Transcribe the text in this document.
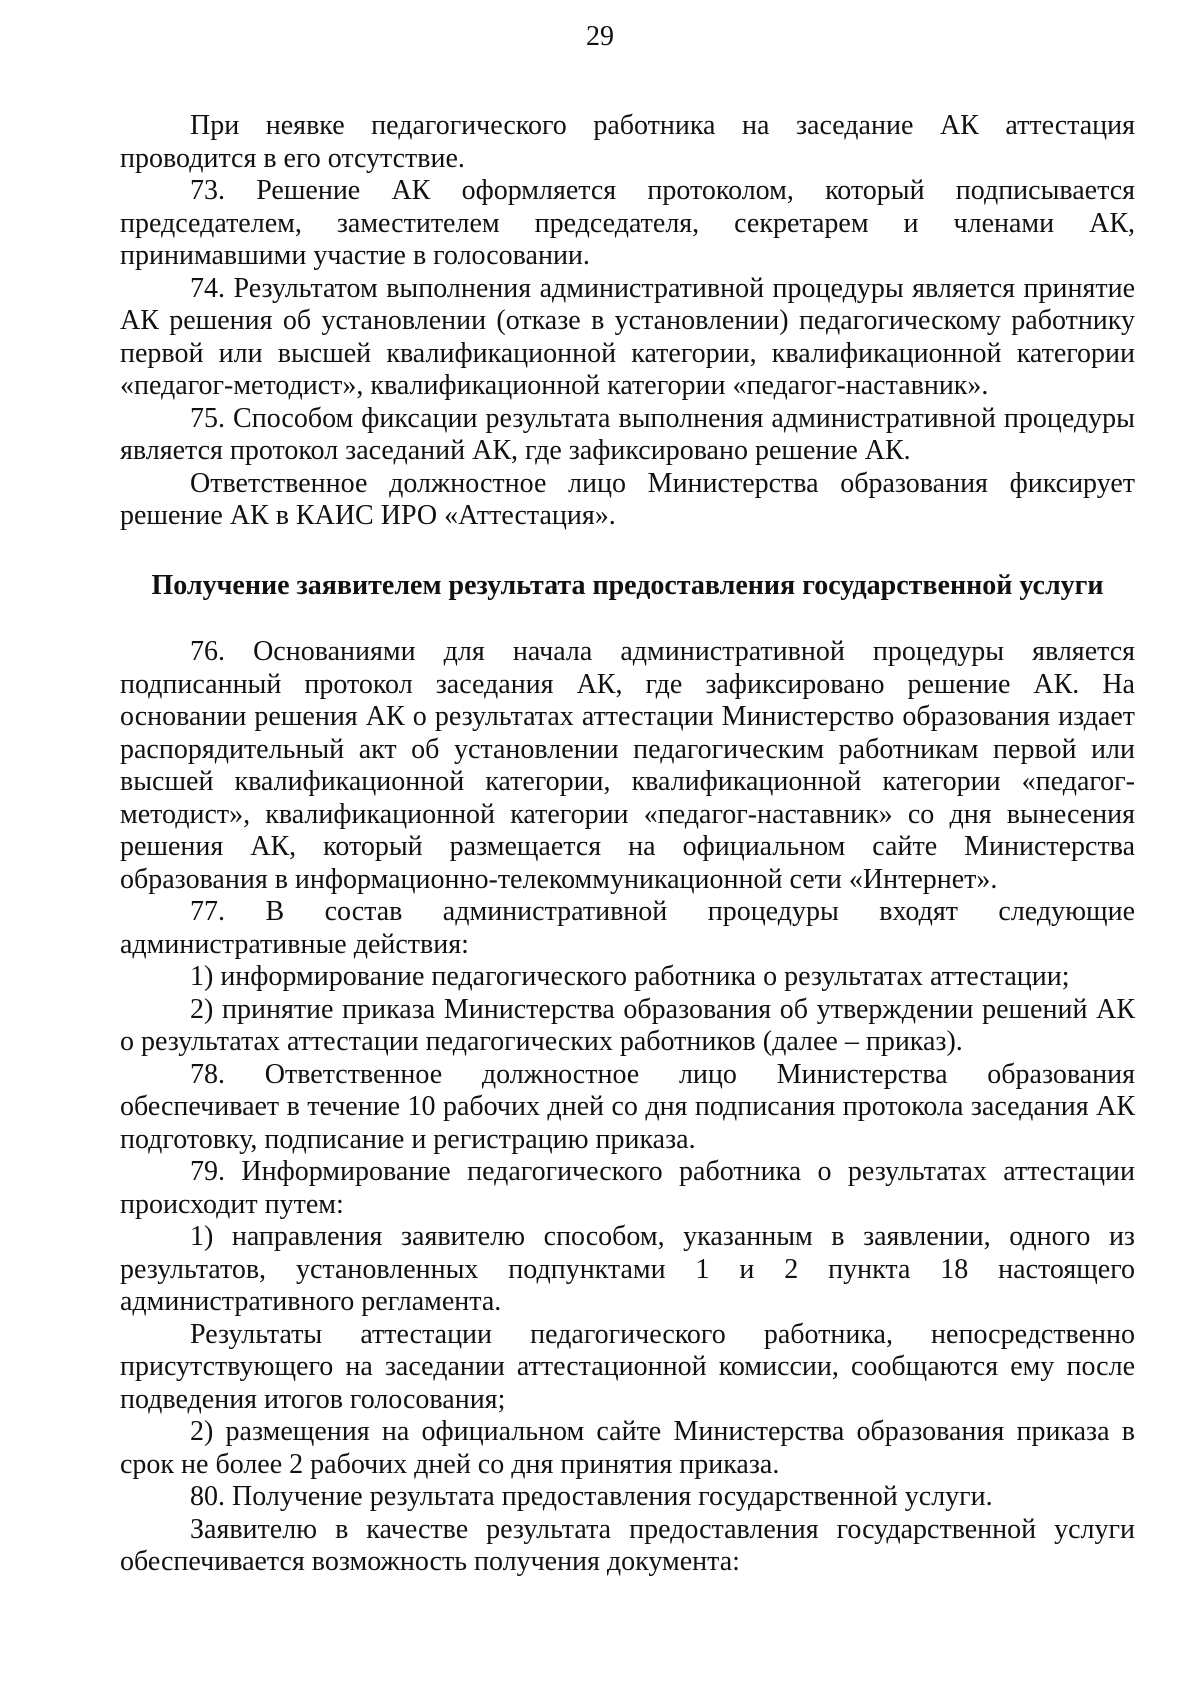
29

При неявке педагогического работника на заседание АК аттестация проводится в его отсутствие.

73. Решение АК оформляется протоколом, который подписывается председателем, заместителем председателя, секретарем и членами АК, принимавшими участие в голосовании.

74. Результатом выполнения административной процедуры является принятие АК решения об установлении (отказе в установлении) педагогическому работнику первой или высшей квалификационной категории, квалификационной категории «педагог-методист», квалификационной категории «педагог-наставник».

75. Способом фиксации результата выполнения административной процедуры является протокол заседаний АК, где зафиксировано решение АК.

Ответственное должностное лицо Министерства образования фиксирует решение АК в КАИС ИРО «Аттестация».

Получение заявителем результата предоставления государственной услуги

76. Основаниями для начала административной процедуры является подписанный протокол заседания АК, где зафиксировано решение АК. На основании решения АК о результатах аттестации Министерство образования издает распорядительный акт об установлении педагогическим работникам первой или высшей квалификационной категории, квалификационной категории «педагог-методист», квалификационной категории «педагог-наставник» со дня вынесения решения АК, который размещается на официальном сайте Министерства образования в информационно-телекоммуникационной сети «Интернет».

77. В состав административной процедуры входят следующие административные действия:

1) информирование педагогического работника о результатах аттестации;

2) принятие приказа Министерства образования об утверждении решений АК о результатах аттестации педагогических работников (далее – приказ).

78. Ответственное должностное лицо Министерства образования обеспечивает в течение 10 рабочих дней со дня подписания протокола заседания АК подготовку, подписание и регистрацию приказа.

79. Информирование педагогического работника о результатах аттестации происходит путем:

1) направления заявителю способом, указанным в заявлении, одного из результатов, установленных подпунктами 1 и 2 пункта 18 настоящего административного регламента.

Результаты аттестации педагогического работника, непосредственно присутствующего на заседании аттестационной комиссии, сообщаются ему после подведения итогов голосования;

2) размещения на официальном сайте Министерства образования приказа в срок не более 2 рабочих дней со дня принятия приказа.

80. Получение результата предоставления государственной услуги.

Заявителю в качестве результата предоставления государственной услуги обеспечивается возможность получения документа:
